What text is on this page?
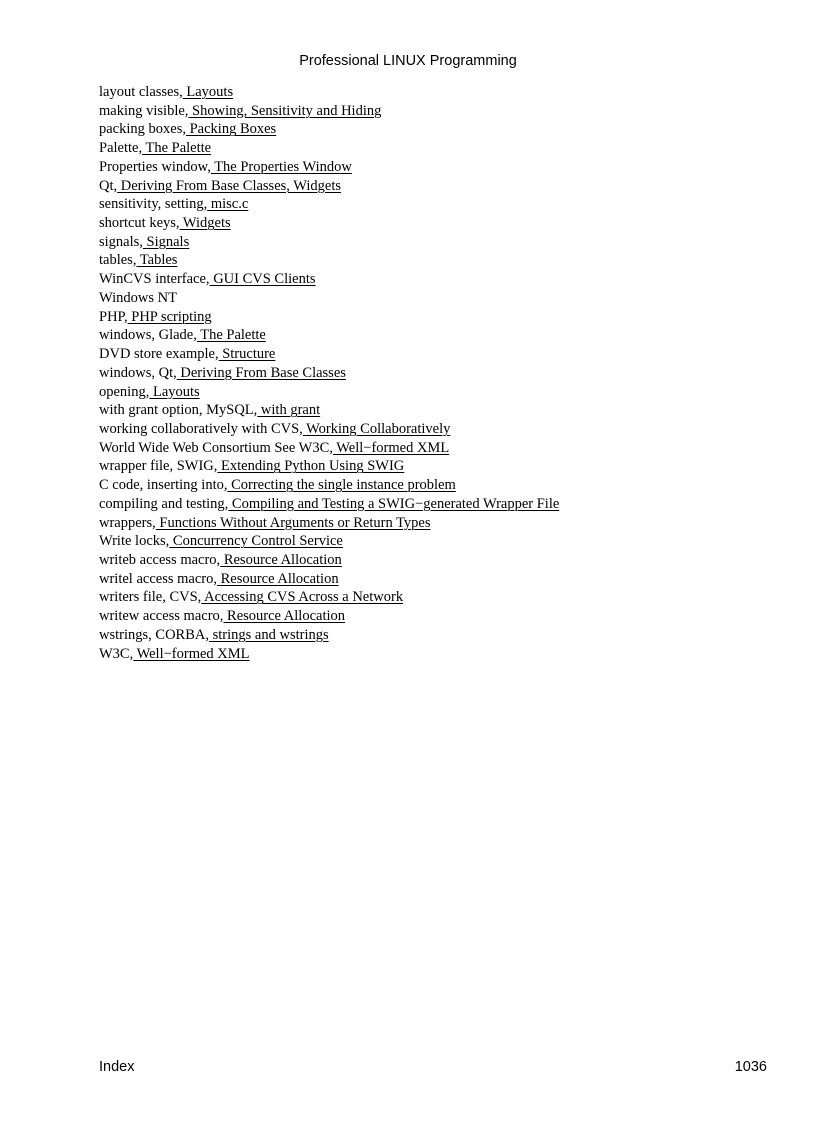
Professional LINUX Programming
layout classes, Layouts
making visible, Showing, Sensitivity and Hiding
packing boxes, Packing Boxes
Palette, The Palette
Properties window, The Properties Window
Qt, Deriving From Base Classes, Widgets
sensitivity, setting, misc.c
shortcut keys, Widgets
signals, Signals
tables, Tables
WinCVS interface, GUI CVS Clients
Windows NT
PHP, PHP scripting
windows, Glade, The Palette
DVD store example, Structure
windows, Qt, Deriving From Base Classes
opening, Layouts
with grant option, MySQL, with grant
working collaboratively with CVS, Working Collaboratively
World Wide Web Consortium See W3C, Well−formed XML
wrapper file, SWIG, Extending Python Using SWIG
C code, inserting into, Correcting the single instance problem
compiling and testing, Compiling and Testing a SWIG−generated Wrapper File
wrappers, Functions Without Arguments or Return Types
Write locks, Concurrency Control Service
writeb access macro, Resource Allocation
writel access macro, Resource Allocation
writers file, CVS, Accessing CVS Across a Network
writew access macro, Resource Allocation
wstrings, CORBA, strings and wstrings
W3C, Well−formed XML
Index	1036
